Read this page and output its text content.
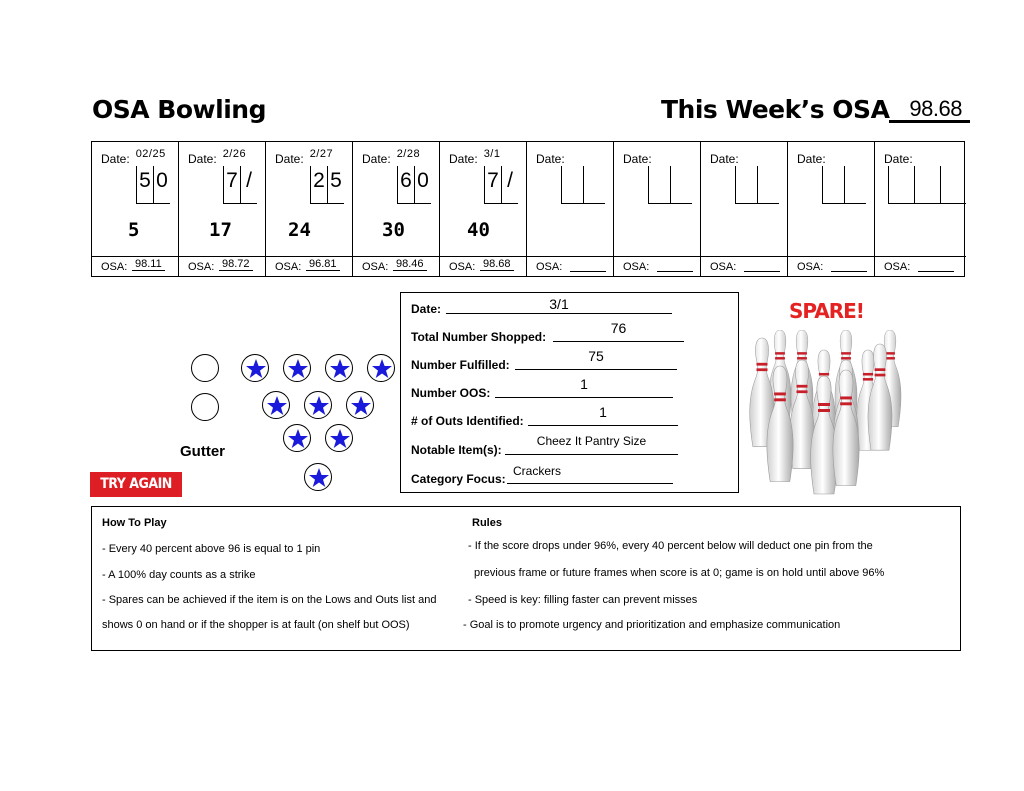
OSA Bowling	This Week’s OSA 98.68
Date: 02/25
5 0
5
OSA: 98.11
Date: 2/26
7 /
17
OSA: 98.72
Date: 2/27
2 5
24
OSA: 96.81
Date: 2/28
6 0
30
OSA: 98.46
Date: 3/1
7 /
40
OSA: 98.68
Date:
OSA:
Date:
OSA:
Date:
OSA:
Date:
OSA:
Date:
OSA:
Gutter
TRY AGAIN
Date:	3/1
Total Number Shopped:
76
Number Fulfilled:
75
Number OOS:
1
# of Outs Identified:
1
Notable Item(s):
Cheez It Pantry Size
Category Focus:
Crackers
SPARE!
How To Play
- Every 40 percent above 96 is equal to 1 pin
- A 100% day counts as a strike
- Spares can be achieved if the item is on the Lows and Outs list and
shows 0 on hand or if the shopper is at fault (on shelf but OOS)
Rules
- If the score drops under 96%, every 40 percent below will deduct one pin from the
previous frame or future frames when score is at 0; game is on hold until above 96%
- Speed is key: filling faster can prevent misses
- Goal is to promote urgency and prioritization and emphasize communication
